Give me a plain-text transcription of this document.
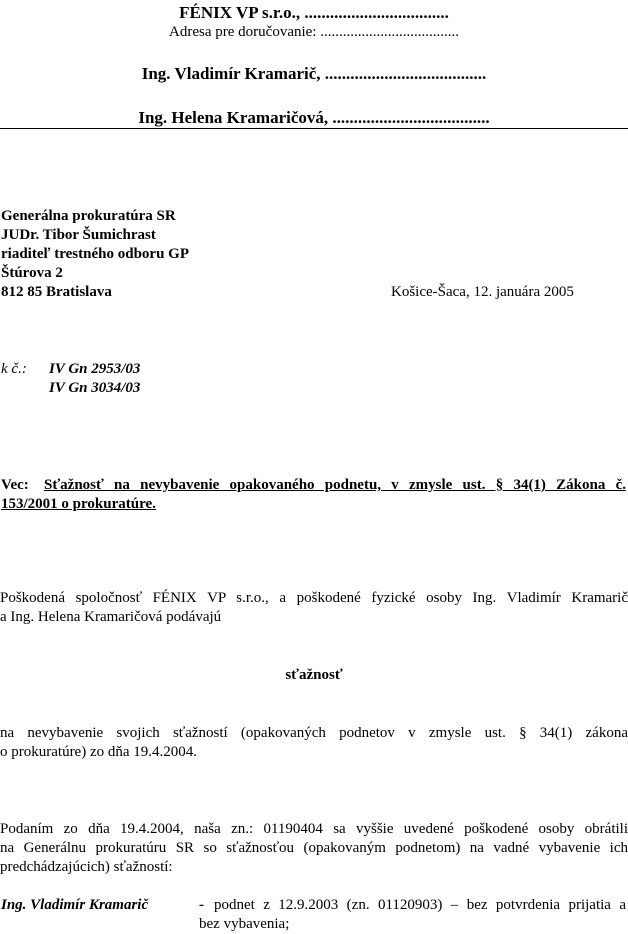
FÉNIX VP s.r.o., ..................................
Adresa pre doručovanie: .....................................
Ing. Vladimír Kramarič, ......................................
Ing. Helena Kramaričová, .....................................
Generálna prokuratúra SR
JUDr. Tibor Šumichrast
riaditeľ trestného odboru GP
Štúrova 2
812 85 Bratislava	Košice-Šaca, 12. januára 2005
k č.: IV Gn 2953/03
IV Gn 3034/03
Vec: Sťažnosť na nevybavenie opakovaného podnetu, v zmysle ust. § 34(1) Zákona č.
153/2001 o prokuratúre.
Poškodená spoločnosť FÉNIX VP s.r.o., a poškodené fyzické osoby Ing. Vladimír Kramarič
a Ing. Helena Kramaričová podávajú
sťažnosť
na nevybavenie svojich sťažností (opakovaných podnetov v zmysle ust. § 34(1) zákona
o prokuratúre) zo dňa 19.4.2004.
Podaním zo dňa 19.4.2004, naša zn.: 01190404 sa vyššie uvedené poškodené osoby obrátili
na Generálnu prokuratúru SR so sťažnosťou (opakovaným podnetom) na vadné vybavenie ich
predchádzajúcich) sťažností:
Ing. Vladimír Kramarič	- podnet z 12.9.2003 (zn. 01120903) – bez potvrdenia prijatia a
bez vybavenia;
